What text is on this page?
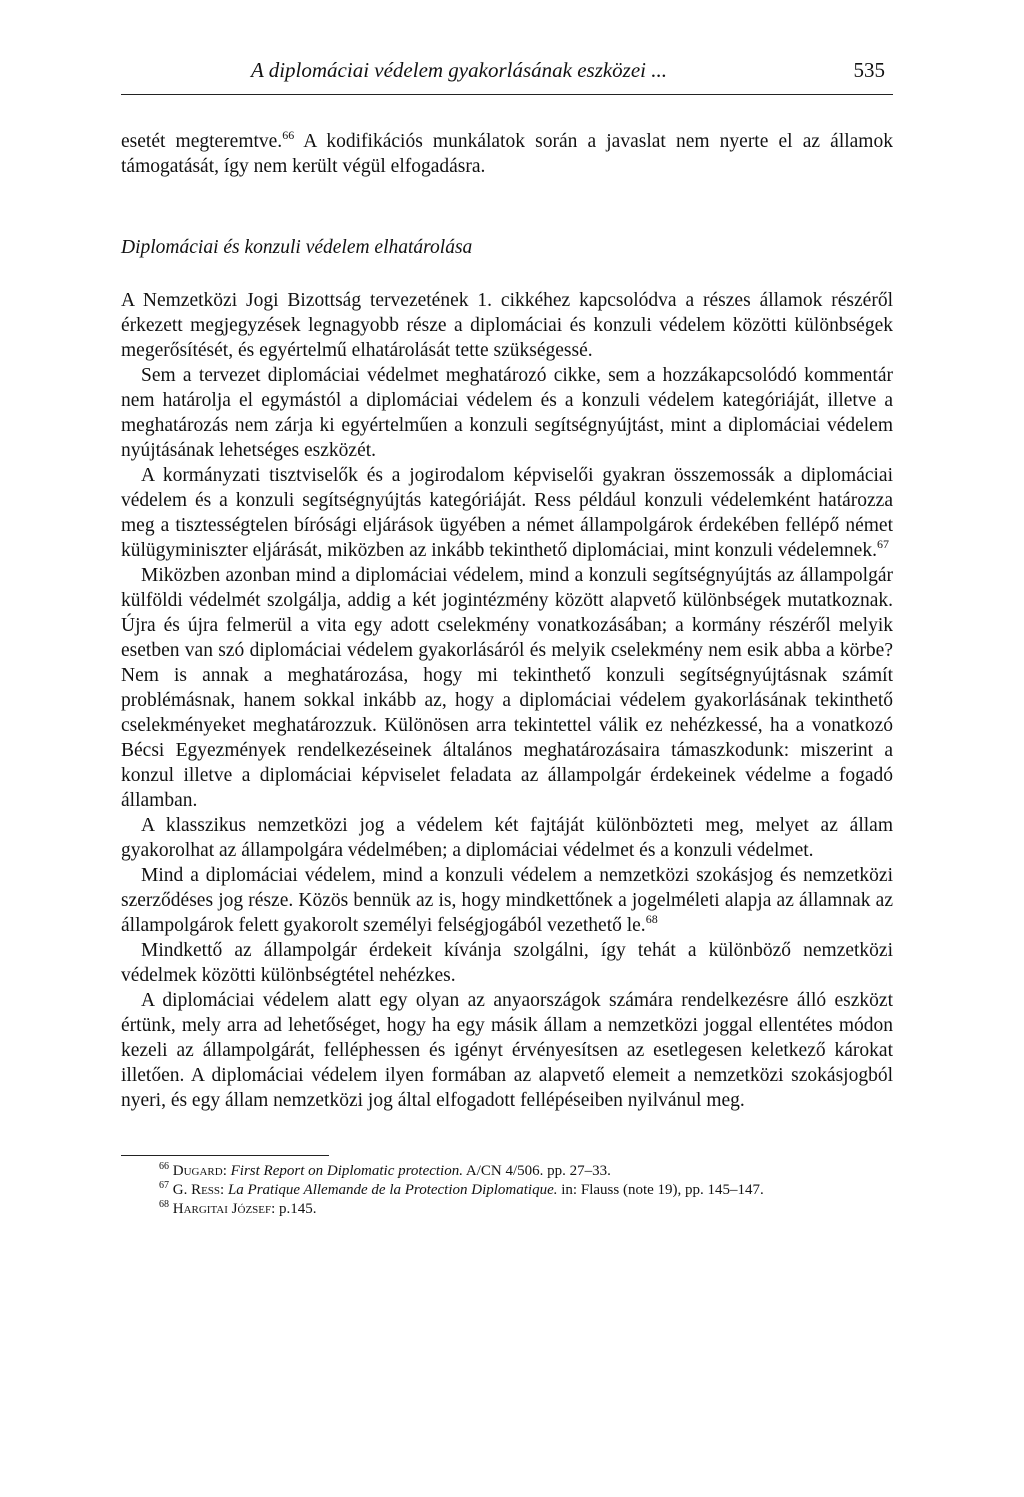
A diplomáciai védelem gyakorlásának eszközei ...	535

esetét megteremtve.$^{66}$ A kodifikációs munkálatok során a javaslat nem nyerte el az államok támogatását, így nem került végül elfogadásra.

Diplomáciai és konzuli védelem elhatárolása

A Nemzetközi Jogi Bizottság tervezetének 1. cikkéhez kapcsolódva a részes államok részéről érkezett megjegyzések legnagyobb része a diplomáciai és konzuli védelem közötti különbségek megerősítését, és egyértelmű elhatárolását tette szükségessé.

Sem a tervezet diplomáciai védelmet meghatározó cikke, sem a hozzákapcsolódó kommentár nem határolja el egymástól a diplomáciai védelem és a konzuli védelem kategóriáját, illetve a meghatározás nem zárja ki egyértelműen a konzuli segítségnyújtást, mint a diplomáciai védelem nyújtásának lehetséges eszközét.

A kormányzati tisztviselők és a jogirodalom képviselői gyakran összemossák a diplomáciai védelem és a konzuli segítségnyújtás kategóriáját. Ress például konzuli védelemként határozza meg a tisztességtelen bírósági eljárások ügyében a német állampolgárok érdekében fellépő német külügyminiszter eljárását, miközben az inkább tekinthető diplomáciai, mint konzuli védelemnek.$^{67}$

Miközben azonban mind a diplomáciai védelem, mind a konzuli segítségnyújtás az állampolgár külföldi védelmét szolgálja, addig a két jogintézmény között alapvető különbségek mutatkoznak. Újra és újra felmerül a vita egy adott cselekmény vonatkozásában; a kormány részéről melyik esetben van szó diplomáciai védelem gyakorlásáról és melyik cselekmény nem esik abba a körbe? Nem is annak a meghatározása, hogy mi tekinthető konzuli segítségnyújtásnak számít problémásnak, hanem sokkal inkább az, hogy a diplomáciai védelem gyakorlásának tekinthető cselekményeket meghatározzuk. Különösen arra tekintettel válik ez nehézkessé, ha a vonatkozó Bécsi Egyezmények rendelkezéseinek általános meghatározásaira támaszkodunk: miszerint a konzul illetve a diplomáciai képviselet feladata az állampolgár érdekeinek védelme a fogadó államban.

A klasszikus nemzetközi jog a védelem két fajtáját különbözteti meg, melyet az állam gyakorolhat az állampolgára védelmében; a diplomáciai védelmet és a konzuli védelmet.

Mind a diplomáciai védelem, mind a konzuli védelem a nemzetközi szokásjog és nemzetközi szerződéses jog része. Közös bennük az is, hogy mindkettőnek a jogelméleti alapja az államnak az állampolgárok felett gyakorolt személyi felségjogából vezethető le.$^{68}$

Mindkettő az állampolgár érdekeit kívánja szolgálni, így tehát a különböző nemzetközi védelmek közötti különbségtétel nehézkes.

A diplomáciai védelem alatt egy olyan az anyaországok számára rendelkezésre álló eszközt értünk, mely arra ad lehetőséget, hogy ha egy másik állam a nemzetközi joggal ellentétes módon kezeli az állampolgárát, felléphessen és igényt érvényesítsen az esetlegesen keletkező károkat illetően. A diplomáciai védelem ilyen formában az alapvető elemeit a nemzetközi szokásjogból nyeri, és egy állam nemzetközi jog által elfogadott fellépéseiben nyilvánul meg.

$^{66}$ Dugard: First Report on Diplomatic protection. A/CN 4/506. pp. 27–33.

$^{67}$ G. Ress: La Pratique Allemande de la Protection Diplomatique. in: Flauss (note 19), pp. 145–147.

$^{68}$ Hargitai József: p.145.
